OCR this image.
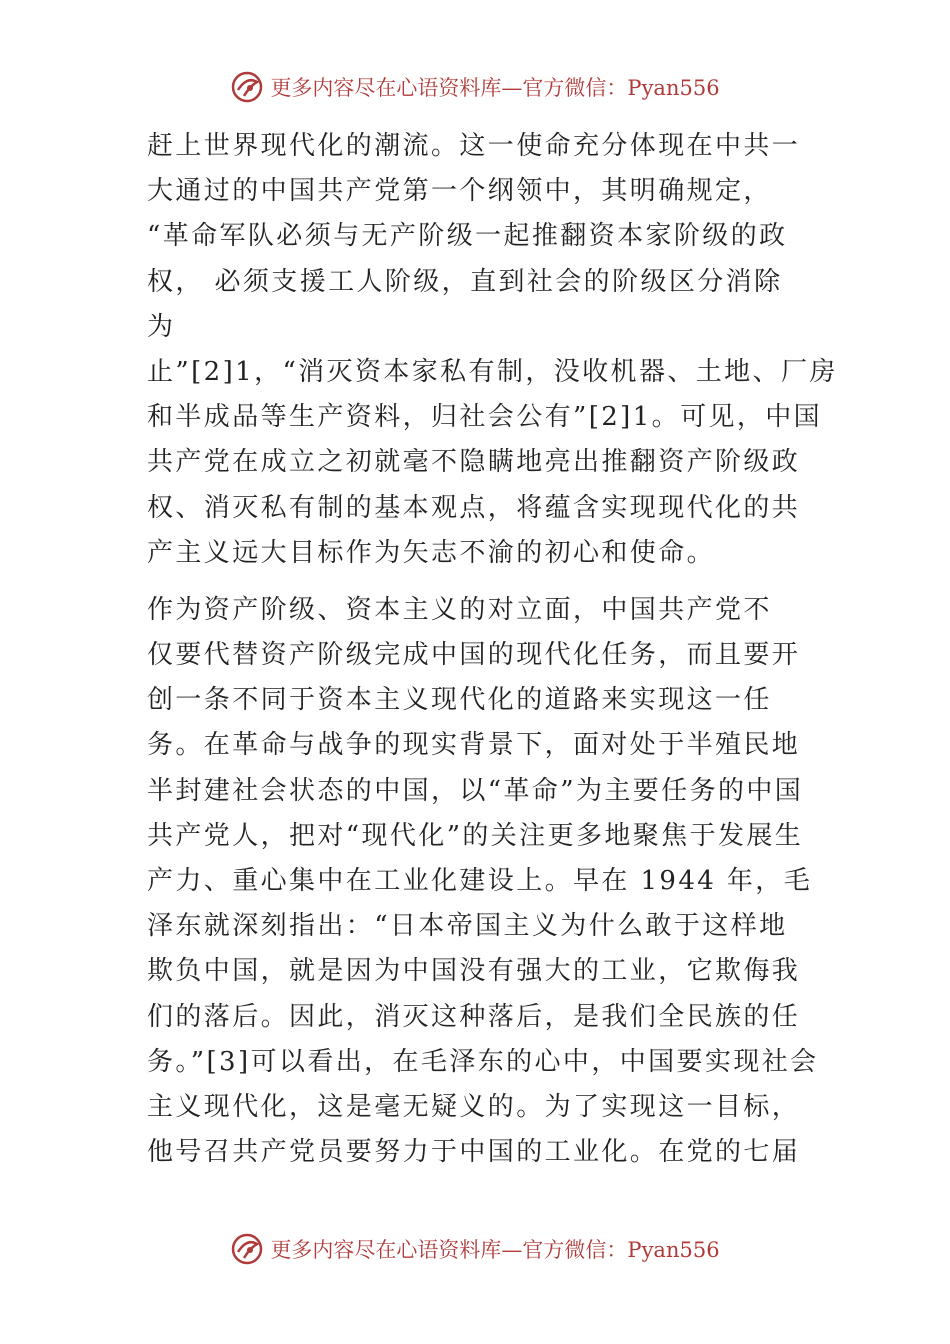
更多内容尽在心语资料库—官方微信：Pyan556
赶上世界现代化的潮流。这一使命充分体现在中共一
大通过的中国共产党第一个纲领中，其明确规定，
“革命军队必须与无产阶级一起推翻资本家阶级的政
权， 必须支援工人阶级，直到社会的阶级区分消除
为
止”[2]1，“消灭资本家私有制，没收机器、土地、厂房
和半成品等生产资料，归社会公有”[2]1。可见，中国
共产党在成立之初就毫不隐瞒地亮出推翻资产阶级政
权、消灭私有制的基本观点，将蕴含实现现代化的共
产主义远大目标作为矢志不渝的初心和使命。
作为资产阶级、资本主义的对立面，中国共产党不
仅要代替资产阶级完成中国的现代化任务，而且要开
创一条不同于资本主义现代化的道路来实现这一任
务。在革命与战争的现实背景下，面对处于半殖民地
半封建社会状态的中国，以“革命”为主要任务的中国
共产党人，把对“现代化”的关注更多地聚焦于发展生
产力、重心集中在工业化建设上。早在 1944 年，毛
泽东就深刻指出：“日本帝国主义为什么敢于这样地
欺负中国，就是因为中国没有强大的工业，它欺侮我
们的落后。因此，消灭这种落后，是我们全民族的任
务。”[3]可以看出，在毛泽东的心中，中国要实现社会
主义现代化，这是毫无疑义的。为了实现这一目标，
他号召共产党员要努力于中国的工业化。在党的七届
更多内容尽在心语资料库—官方微信：Pyan556
